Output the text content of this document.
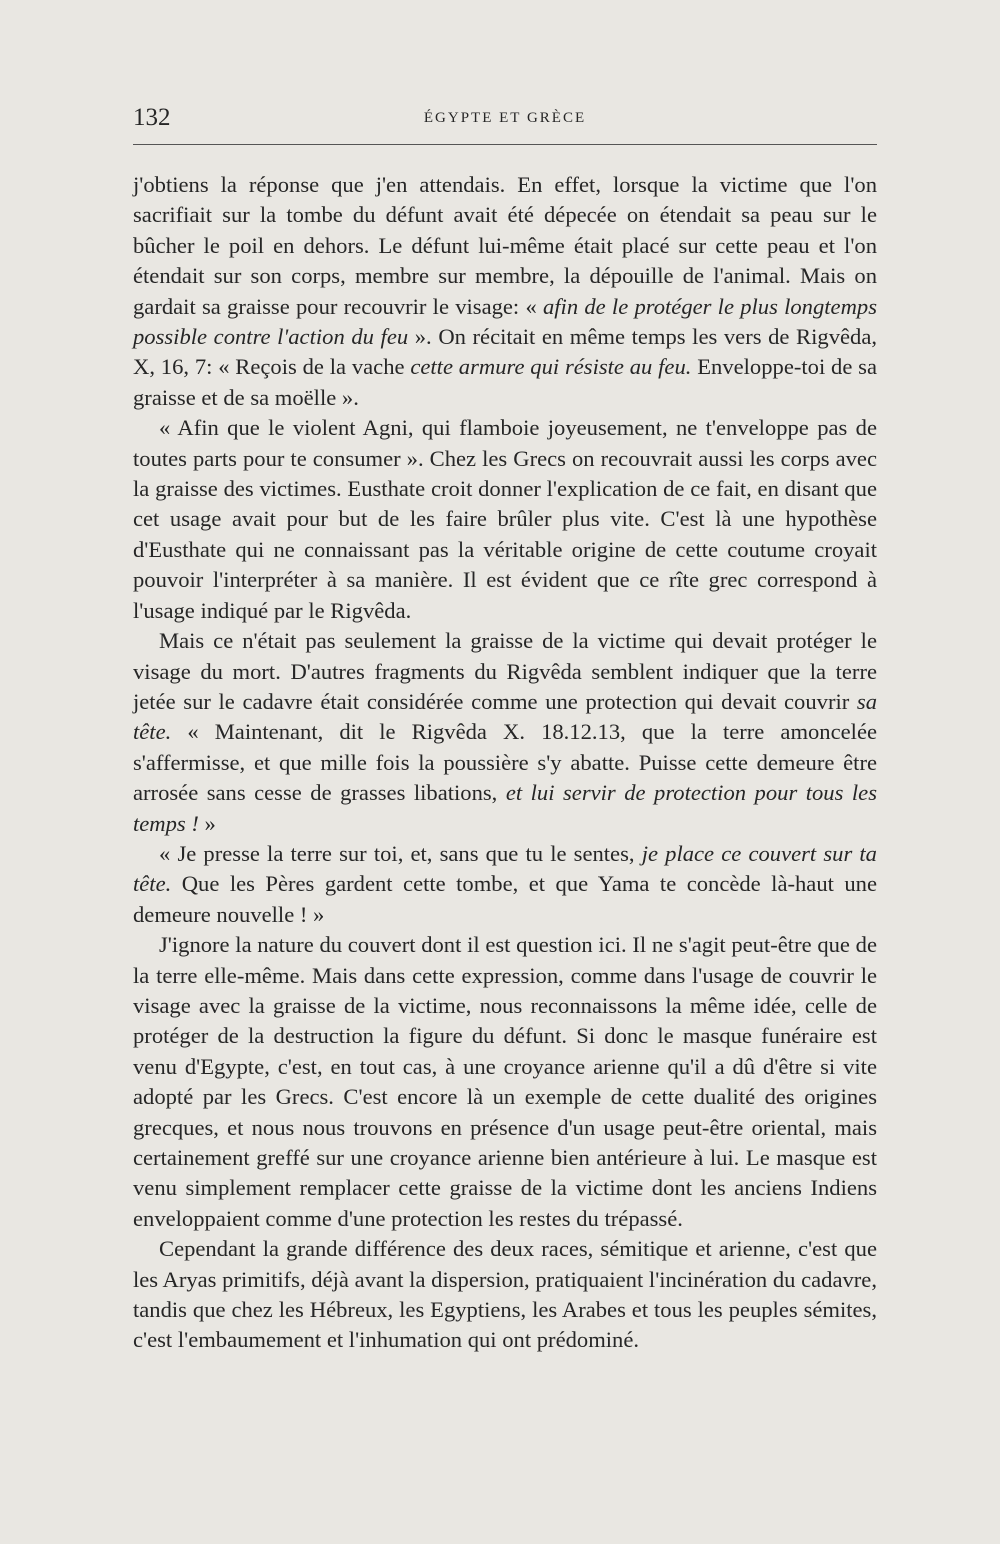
132	ÉGYPTE ET GRÈCE

j'obtiens la réponse que j'en attendais. En effet, lorsque la victime que l'on sacrifiait sur la tombe du défunt avait été dépecée on étendait sa peau sur le bûcher le poil en dehors. Le défunt lui-même était placé sur cette peau et l'on étendait sur son corps, membre sur membre, la dépouille de l'animal. Mais on gardait sa graisse pour recouvrir le visage: « afin de le protéger le plus longtemps possible contre l'action du feu ». On récitait en même temps les vers de Rigvêda, X, 16, 7: « Reçois de la vache cette armure qui résiste au feu. Enveloppe-toi de sa graisse et de sa moëlle ».

« Afin que le violent Agni, qui flamboie joyeusement, ne t'enveloppe pas de toutes parts pour te consumer ». Chez les Grecs on recouvrait aussi les corps avec la graisse des victimes. Eusthate croit donner l'explication de ce fait, en disant que cet usage avait pour but de les faire brûler plus vite. C'est là une hypothèse d'Eusthate qui ne connaissant pas la véritable origine de cette coutume croyait pouvoir l'interpréter à sa manière. Il est évident que ce rîte grec correspond à l'usage indiqué par le Rigvêda.

Mais ce n'était pas seulement la graisse de la victime qui devait protéger le visage du mort. D'autres fragments du Rigvêda semblent indiquer que la terre jetée sur le cadavre était considérée comme une protection qui devait couvrir sa tête. « Maintenant, dit le Rigvêda X. 18.12.13, que la terre amoncelée s'affermisse, et que mille fois la poussière s'y abatte. Puisse cette demeure être arrosée sans cesse de grasses libations, et lui servir de protection pour tous les temps ! »

« Je presse la terre sur toi, et, sans que tu le sentes, je place ce couvert sur ta tête. Que les Pères gardent cette tombe, et que Yama te concède là-haut une demeure nouvelle ! »

J'ignore la nature du couvert dont il est question ici. Il ne s'agit peut-être que de la terre elle-même. Mais dans cette expression, comme dans l'usage de couvrir le visage avec la graisse de la victime, nous reconnaissons la même idée, celle de protéger de la destruction la figure du défunt. Si donc le masque funéraire est venu d'Egypte, c'est, en tout cas, à une croyance arienne qu'il a dû d'être si vite adopté par les Grecs. C'est encore là un exemple de cette dualité des origines grecques, et nous nous trouvons en présence d'un usage peut-être oriental, mais certainement greffé sur une croyance arienne bien antérieure à lui. Le masque est venu simplement remplacer cette graisse de la victime dont les anciens Indiens enveloppaient comme d'une protection les restes du trépassé.

Cependant la grande différence des deux races, sémitique et arienne, c'est que les Aryas primitifs, déjà avant la dispersion, pratiquaient l'incinération du cadavre, tandis que chez les Hébreux, les Egyptiens, les Arabes et tous les peuples sémites, c'est l'embaumement et l'inhumation qui ont prédominé.
